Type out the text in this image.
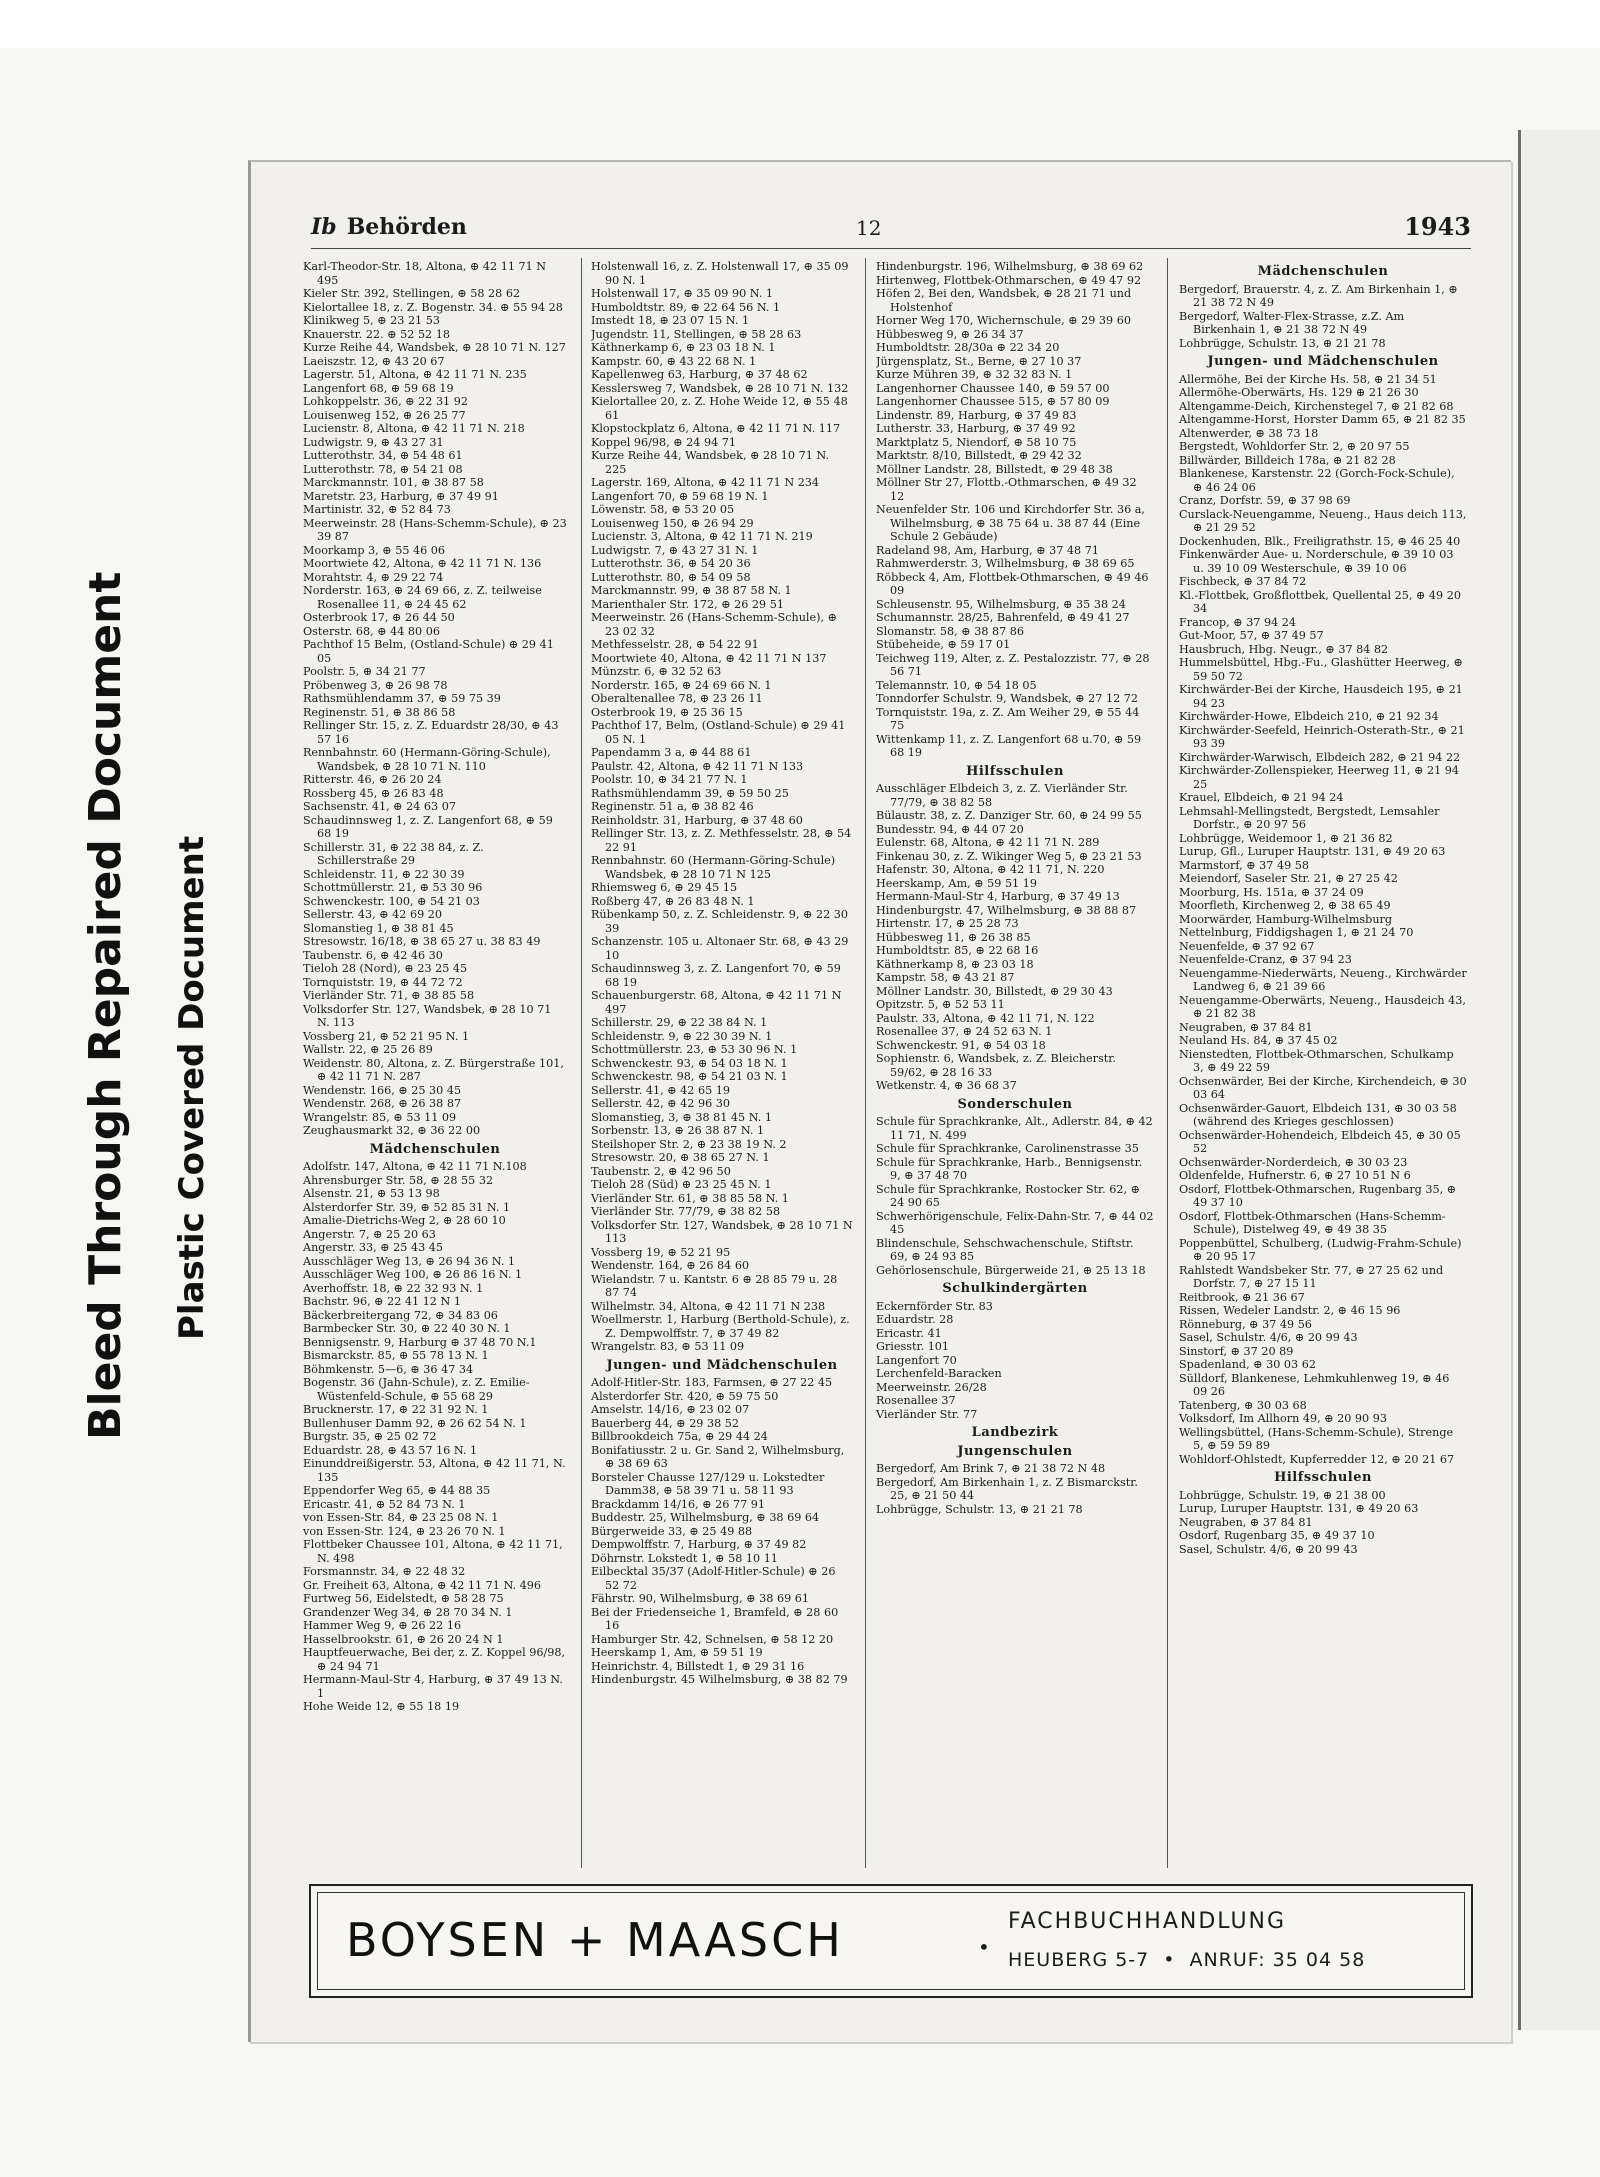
Bleed Through Repaired Document Plastic Covered Document
Ib Behörden	12	1943
Karl-Theodor-Str. 18, Altona, ⊕ 42 11 71 N 495
Kieler Str. 392, Stellingen, ⊕ 58 28 62
Kielortallee 18, z. Z. Bogenstr. 34. ⊕ 55 94 28
Klinikweg 5, ⊕ 23 21 53
Knauerstr. 22. ⊕ 52 52 18
Kurze Reihe 44, Wandsbek, ⊕ 28 10 71 N. 127
Laeiszstr. 12, ⊕ 43 20 67
Lagerstr. 51, Altona, ⊕ 42 11 71 N. 235
Langenfort 68, ⊕ 59 68 19
Lohkoppelstr. 36, ⊕ 22 31 92
Louisenweg 152, ⊕ 26 25 77
Lucienstr. 8, Altona, ⊕ 42 11 71 N. 218
Ludwigstr. 9, ⊕ 43 27 31
Lutterothstr. 34, ⊕ 54 48 61
Lutterothstr. 78, ⊕ 54 21 08
Marckmannstr. 101, ⊕ 38 87 58
Maretstr. 23, Harburg, ⊕ 37 49 91
Martinistr. 32, ⊕ 52 84 73
Meerweinstr. 28 (Hans-Schemm-Schule), ⊕ 23 39 87
Moorkamp 3, ⊕ 55 46 06
Moortwiete 42, Altona, ⊕ 42 11 71 N. 136
Morahtstr. 4, ⊕ 29 22 74
Norderstr. 163, ⊕ 24 69 66, z. Z. teilweise Rosenallee 11, ⊕ 24 45 62
Osterbrook 17, ⊕ 26 44 50
Osterstr. 68, ⊕ 44 80 06
Pachthof 15 Belm, (Ostland-Schule) ⊕ 29 41 05
Poolstr. 5, ⊕ 34 21 77
Pröbenweg 3, ⊕ 26 98 78
Rathsmühlendamm 37, ⊕ 59 75 39
Reginenstr. 51, ⊕ 38 86 58
Rellinger Str. 15, z. Z. Eduardstr 28/30, ⊕ 43 57 16
Rennbahnstr. 60 (Hermann-Göring-Schule), Wandsbek, ⊕ 28 10 71 N. 110
Ritterstr. 46, ⊕ 26 20 24
Rossberg 45, ⊕ 26 83 48
Sachsenstr. 41, ⊕ 24 63 07
Schaudinnsweg 1, z. Z. Langenfort 68, ⊕ 59 68 19
Schillerstr. 31, ⊕ 22 38 84, z. Z. Schillerstraße 29
Schleidenstr. 11, ⊕ 22 30 39
Schottmüllerstr. 21, ⊕ 53 30 96
Schwenckestr. 100, ⊕ 54 21 03
Sellerstr. 43, ⊕ 42 69 20
Slomanstieg 1, ⊕ 38 81 45
Stresowstr. 16/18, ⊕ 38 65 27 u. 38 83 49
Taubenstr. 6, ⊕ 42 46 30
Tieloh 28 (Nord), ⊕ 23 25 45
Tornquiststr. 19, ⊕ 44 72 72
Vierländer Str. 71, ⊕ 38 85 58
Volksdorfer Str. 127, Wandsbek, ⊕ 28 10 71 N. 113
Vossberg 21, ⊕ 52 21 95 N. 1
Wallstr. 22, ⊕ 25 26 89
Weidenstr. 80, Altona, z. Z. Bürgerstraße 101, ⊕ 42 11 71 N. 287
Wendenstr. 166, ⊕ 25 30 45
Wendenstr. 268, ⊕ 26 38 87
Wrangelstr. 85, ⊕ 53 11 09
Zeughausmarkt 32, ⊕ 36 22 00
Mädchenschulen
Adolfstr. 147, Altona, ⊕ 42 11 71 N.108
Ahrensburger Str. 58, ⊕ 28 55 32
Alsenstr. 21, ⊕ 53 13 98
Alsterdorfer Str. 39, ⊕ 52 85 31 N. 1
Amalie-Dietrichs-Weg 2, ⊕ 28 60 10
Angerstr. 7, ⊕ 25 20 63
Angerstr. 33, ⊕ 25 43 45
Ausschläger Weg 13, ⊕ 26 94 36 N. 1
Ausschläger Weg 100, ⊕ 26 86 16 N. 1
Averhoffstr. 18, ⊕ 22 32 93 N. 1
Bachstr. 96, ⊕ 22 41 12 N 1
Bäckerbreitergang 72, ⊕ 34 83 06
Barmbecker Str. 30, ⊕ 22 40 30 N. 1
Bennigsenstr. 9, Harburg ⊕ 37 48 70 N.1
Bismarckstr. 85, ⊕ 55 78 13 N. 1
Böhmkenstr. 5—6, ⊕ 36 47 34
Bogenstr. 36 (Jahn-Schule), z. Z. Emilie-Wüstenfeld-Schule, ⊕ 55 68 29
Brucknerstr. 17, ⊕ 22 31 92 N. 1
Bullenhuser Damm 92, ⊕ 26 62 54 N. 1
Burgstr. 35, ⊕ 25 02 72
Eduardstr. 28, ⊕ 43 57 16 N. 1
Einunddreißigerstr. 53, Altona, ⊕ 42 11 71, N. 135
Eppendorfer Weg 65, ⊕ 44 88 35
Ericastr. 41, ⊕ 52 84 73 N. 1
von Essen-Str. 84, ⊕ 23 25 08 N. 1
von Essen-Str. 124, ⊕ 23 26 70 N. 1
Flottbeker Chaussee 101, Altona, ⊕ 42 11 71, N. 498
Forsmannstr. 34, ⊕ 22 48 32
Gr. Freiheit 63, Altona, ⊕ 42 11 71 N. 496
Furtweg 56, Eidelstedt, ⊕ 58 28 75
Grandenzer Weg 34, ⊕ 28 70 34 N. 1
Hammer Weg 9, ⊕ 26 22 16
Hasselbrookstr. 61, ⊕ 26 20 24 N 1
Hauptfeuerwache, Bei der, z. Z. Koppel 96/98, ⊕ 24 94 71
Hermann-Maul-Str 4, Harburg, ⊕ 37 49 13 N. 1
Hohe Weide 12, ⊕ 55 18 19
Holstenwall 16, z. Z. Holstenwall 17, ⊕ 35 09 90 N. 1
Holstenwall 17, ⊕ 35 09 90 N. 1
Humboldtstr. 89, ⊕ 22 64 56 N. 1
Imstedt 18, ⊕ 23 07 15 N. 1
Jugendstr. 11, Stellingen, ⊕ 58 28 63
Käthnerkamp 6, ⊕ 23 03 18 N. 1
Kampstr. 60, ⊕ 43 22 68 N. 1
Kapellenweg 63, Harburg, ⊕ 37 48 62
Kesslersweg 7, Wandsbek, ⊕ 28 10 71 N. 132
Kielortallee 20, z. Z. Hohe Weide 12, ⊕ 55 48 61
Klopstockplatz 6, Altona, ⊕ 42 11 71 N. 117
Koppel 96/98, ⊕ 24 94 71
Kurze Reihe 44, Wandsbek, ⊕ 28 10 71 N. 225
Lagerstr. 169, Altona, ⊕ 42 11 71 N 234
Langenfort 70, ⊕ 59 68 19 N. 1
Löwenstr. 58, ⊕ 53 20 05
Louisenweg 150, ⊕ 26 94 29
Lucienstr. 3, Altona, ⊕ 42 11 71 N. 219
Ludwigstr. 7, ⊕ 43 27 31 N. 1
Lutterothstr. 36, ⊕ 54 20 36
Lutterothstr. 80, ⊕ 54 09 58
Marckmannstr. 99, ⊕ 38 87 58 N. 1
Marienthaler Str. 172, ⊕ 26 29 51
Meerweinstr. 26 (Hans-Schemm-Schule), ⊕ 23 02 32
Methfesselstr. 28, ⊕ 54 22 91
Moortwiete 40, Altona, ⊕ 42 11 71 N 137
Münzstr. 6, ⊕ 32 52 63
Norderstr. 165, ⊕ 24 69 66 N. 1
Oberaltenallee 78, ⊕ 23 26 11
Osterbrook 19, ⊕ 25 36 15
Pachthof 17, Belm, (Ostland-Schule) ⊕ 29 41 05 N. 1
Papendamm 3 a, ⊕ 44 88 61
Paulstr. 42, Altona, ⊕ 42 11 71 N 133
Poolstr. 10, ⊕ 34 21 77 N. 1
Rathsmühlendamm 39, ⊕ 59 50 25
Reginenstr. 51 a, ⊕ 38 82 46
Reinholdstr. 31, Harburg, ⊕ 37 48 60
Rellinger Str. 13, z. Z. Methfesselstr. 28, ⊕ 54 22 91
Rennbahnstr. 60 (Hermann-Göring-Schule) Wandsbek, ⊕ 28 10 71 N 125
Rhiemsweg 6, ⊕ 29 45 15
Roßberg 47, ⊕ 26 83 48 N. 1
Rübenkamp 50, z. Z. Schleidenstr. 9, ⊕ 22 30 39
Schanzenstr. 105 u. Altonaer Str. 68, ⊕ 43 29 10
Schaudinnsweg 3, z. Z. Langenfort 70, ⊕ 59 68 19
Schauenburgerstr. 68, Altona, ⊕ 42 11 71 N 497
Schillerstr. 29, ⊕ 22 38 84 N. 1
Schleidenstr. 9, ⊕ 22 30 39 N. 1
Schottmüllerstr. 23, ⊕ 53 30 96 N. 1
Schwenckestr. 93, ⊕ 54 03 18 N. 1
Schwenckestr. 98, ⊕ 54 21 03 N. 1
Sellerstr. 41, ⊕ 42 65 19
Sellerstr. 42, ⊕ 42 96 30
Slomanstieg, 3, ⊕ 38 81 45 N. 1
Sorbenstr. 13, ⊕ 26 38 87 N. 1
Steilshoper Str. 2, ⊕ 23 38 19 N. 2
Stresowstr. 20, ⊕ 38 65 27 N. 1
Taubenstr. 2, ⊕ 42 96 50
Tieloh 28 (Süd) ⊕ 23 25 45 N. 1
Vierländer Str. 61, ⊕ 38 85 58 N. 1
Vierländer Str. 77/79, ⊕ 38 82 58
Volksdorfer Str. 127, Wandsbek, ⊕ 28 10 71 N 113
Vossberg 19, ⊕ 52 21 95
Wendenstr. 164, ⊕ 26 84 60
Wielandstr. 7 u. Kantstr. 6 ⊕ 28 85 79 u. 28 87 74
Wilhelmstr. 34, Altona, ⊕ 42 11 71 N 238
Woellmerstr. 1, Harburg (Berthold-Schule), z. Z. Dempwolffstr. 7, ⊕ 37 49 82
Wrangelstr. 83, ⊕ 53 11 09
Jungen- und Mädchenschulen
Adolf-Hitler-Str. 183, Farmsen, ⊕ 27 22 45
Alsterdorfer Str. 420, ⊕ 59 75 50
Amselstr. 14/16, ⊕ 23 02 07
Bauerberg 44, ⊕ 29 38 52
Billbrookdeich 75a, ⊕ 29 44 24
Bonifatiusstr. 2 u. Gr. Sand 2, Wilhelmsburg, ⊕ 38 69 63
Borsteler Chausse 127/129 u. Lokstedter Damm38, ⊕ 58 39 71 u. 58 11 93
Brackdamm 14/16, ⊕ 26 77 91
Buddestr. 25, Wilhelmsburg, ⊕ 38 69 64
Bürgerweide 33, ⊕ 25 49 88
Dempwolffstr. 7, Harburg, ⊕ 37 49 82
Döhrnstr. Lokstedt 1, ⊕ 58 10 11
Eilbecktal 35/37 (Adolf-Hitler-Schule) ⊕ 26 52 72
Fährstr. 90, Wilhelmsburg, ⊕ 38 69 61
Bei der Friedenseiche 1, Bramfeld, ⊕ 28 60 16
Hamburger Str. 42, Schnelsen, ⊕ 58 12 20
Heerskamp 1, Am, ⊕ 59 51 19
Heinrichstr. 4, Billstedt 1, ⊕ 29 31 16
Hindenburgstr. 45 Wilhelmsburg, ⊕ 38 82 79
Hindenburgstr. 196, Wilhelmsburg, ⊕ 38 69 62
Hirtenweg, Flottbek-Othmarschen, ⊕ 49 47 92
Höfen 2, Bei den, Wandsbek, ⊕ 28 21 71 und Holstenhof
Horner Weg 170, Wichernschule, ⊕ 29 39 60
Hübbesweg 9, ⊕ 26 34 37
Humboldtstr. 28/30a ⊕ 22 34 20
Jürgensplatz, St., Berne, ⊕ 27 10 37
Kurze Mühren 39, ⊕ 32 32 83 N. 1
Langenhorner Chaussee 140, ⊕ 59 57 00
Langenhorner Chaussee 515, ⊕ 57 80 09
Lindenstr. 89, Harburg, ⊕ 37 49 83
Lutherstr. 33, Harburg, ⊕ 37 49 92
Marktplatz 5, Niendorf, ⊕ 58 10 75
Marktstr. 8/10, Billstedt, ⊕ 29 42 32
Möllner Landstr. 28, Billstedt, ⊕ 29 48 38
Möllner Str 27, Flottb.-Othmarschen, ⊕ 49 32 12
Neuenfelder Str. 106 und Kirchdorfer Str. 36 a, Wilhelmsburg, ⊕ 38 75 64 u. 38 87 44 (Eine Schule 2 Gebäude)
Radeland 98, Am, Harburg, ⊕ 37 48 71
Rahmwerderstr. 3, Wilhelmsburg, ⊕ 38 69 65
Röbbeck 4, Am, Flottbek-Othmarschen, ⊕ 49 46 09
Schleusenstr. 95, Wilhelmsburg, ⊕ 35 38 24
Schumannstr. 28/25, Bahrenfeld, ⊕ 49 41 27
Slomanstr. 58, ⊕ 38 87 86
Stübeheide, ⊕ 59 17 01
Teichweg 119, Alter, z. Z. Pestalozzistr. 77, ⊕ 28 56 71
Telemannstr. 10, ⊕ 54 18 05
Tonndorfer Schulstr. 9, Wandsbek, ⊕ 27 12 72
Tornquiststr. 19a, z. Z. Am Weiher 29, ⊕ 55 44 75
Wittenkamp 11, z. Z. Langenfort 68 u.70, ⊕ 59 68 19
Hilfsschulen
Ausschläger Elbdeich 3, z. Z. Vierländer Str. 77/79, ⊕ 38 82 58
Bülaustr. 38, z. Z. Danziger Str. 60, ⊕ 24 99 55
Bundesstr. 94, ⊕ 44 07 20
Eulenstr. 68, Altona, ⊕ 42 11 71 N. 289
Finkenau 30, z. Z. Wikinger Weg 5, ⊕ 23 21 53
Hafenstr. 30, Altona, ⊕ 42 11 71, N. 220
Heerskamp, Am, ⊕ 59 51 19
Hermann-Maul-Str 4, Harburg, ⊕ 37 49 13
Hindenburgstr. 47, Wilhelmsburg, ⊕ 38 88 87
Hirtenstr. 17, ⊕ 25 28 73
Hübbesweg 11, ⊕ 26 38 85
Humboldtstr. 85, ⊕ 22 68 16
Käthnerkamp 8, ⊕ 23 03 18
Kampstr. 58, ⊕ 43 21 87
Möllner Landstr. 30, Billstedt, ⊕ 29 30 43
Opitzstr. 5, ⊕ 52 53 11
Paulstr. 33, Altona, ⊕ 42 11 71, N. 122
Rosenallee 37, ⊕ 24 52 63 N. 1
Schwenckestr. 91, ⊕ 54 03 18
Sophienstr. 6, Wandsbek, z. Z. Bleicherstr. 59/62, ⊕ 28 16 33
Wetkenstr. 4, ⊕ 36 68 37
Sonderschulen
Schule für Sprachkranke, Alt., Adlerstr. 84, ⊕ 42 11 71, N. 499
Schule für Sprachkranke, Carolinenstrasse 35
Schule für Sprachkranke, Harb., Bennigsenstr. 9, ⊕ 37 48 70
Schule für Sprachkranke, Rostocker Str. 62, ⊕ 24 90 65
Schwerhörigenschule, Felix-Dahn-Str. 7, ⊕ 44 02 45
Blindenschule, Sehschwachenschule, Stiftstr. 69, ⊕ 24 93 85
Gehörlosenschule, Bürgerweide 21, ⊕ 25 13 18
Schulkindergärten
Eckernförder Str. 83
Eduardstr. 28
Ericastr. 41
Griesstr. 101
Langenfort 70
Lerchenfeld-Baracken
Meerweinstr. 26/28
Rosenallee 37
Vierländer Str. 77
Landbezirk
Jungenschulen
Bergedorf, Am Brink 7, ⊕ 21 38 72 N 48
Bergedorf, Am Birkenhain 1, z. Z Bismarckstr. 25, ⊕ 21 50 44
Lohbrügge, Schulstr. 13, ⊕ 21 21 78
Mädchenschulen
Bergedorf, Brauerstr. 4, z. Z. Am Birkenhain 1, ⊕ 21 38 72 N 49
Bergedorf, Walter-Flex-Strasse, z.Z. Am Birkenhain 1, ⊕ 21 38 72 N 49
Lohbrügge, Schulstr. 13, ⊕ 21 21 78
Jungen- und Mädchenschulen
Allermöhe, Bei der Kirche Hs. 58, ⊕ 21 34 51
Allermöhe-Oberwärts, Hs. 129 ⊕ 21 26 30
Altengamme-Deich, Kirchenstegel 7, ⊕ 21 82 68
Altengamme-Horst, Horster Damm 65, ⊕ 21 82 35
Altenwerder, ⊕ 38 73 18
Bergstedt, Wohldorfer Str. 2, ⊕ 20 97 55
Billwärder, Billdeich 178a, ⊕ 21 82 28
Blankenese, Karstenstr. 22 (Gorch-Fock-Schule), ⊕ 46 24 06
Cranz, Dorfstr. 59, ⊕ 37 98 69
Curslack-Neuengamme, Neueng., Haus deich 113, ⊕ 21 29 52
Dockenhuden, Blk., Freiligrathstr. 15, ⊕ 46 25 40
Finkenwärder Aue- u. Norderschule, ⊕ 39 10 03 u. 39 10 09 Westerschule, ⊕ 39 10 06
Fischbeck, ⊕ 37 84 72
Kl.-Flottbek, Großflottbek, Quellental 25, ⊕ 49 20 34
Francop, ⊕ 37 94 24
Gut-Moor, 57, ⊕ 37 49 57
Hausbruch, Hbg. Neugr., ⊕ 37 84 82
Hummelsbüttel, Hbg.-Fu., Glashütter Heerweg, ⊕ 59 50 72
Kirchwärder-Bei der Kirche, Hausdeich 195, ⊕ 21 94 23
Kirchwärder-Howe, Elbdeich 210, ⊕ 21 92 34
Kirchwärder-Seefeld, Heinrich-Osterath-Str., ⊕ 21 93 39
Kirchwärder-Warwisch, Elbdeich 282, ⊕ 21 94 22
Kirchwärder-Zollenspieker, Heerweg 11, ⊕ 21 94 25
Krauel, Elbdeich, ⊕ 21 94 24
Lehmsahl-Mellingstedt, Bergstedt, Lemsahler Dorfstr., ⊕ 20 97 56
Lohbrügge, Weidemoor 1, ⊕ 21 36 82
Lurup, Gfl., Luruper Hauptstr. 131, ⊕ 49 20 63
Marmstorf, ⊕ 37 49 58
Meiendorf, Saseler Str. 21, ⊕ 27 25 42
Moorburg, Hs. 151a, ⊕ 37 24 09
Moorfleth, Kirchenweg 2, ⊕ 38 65 49
Moorwärder, Hamburg-Wilhelmsburg
Nettelnburg, Fiddigshagen 1, ⊕ 21 24 70
Neuenfelde, ⊕ 37 92 67
Neuenfelde-Cranz, ⊕ 37 94 23
Neuengamme-Niederwärts, Neueng., Kirchwärder Landweg 6, ⊕ 21 39 66
Neuengamme-Oberwärts, Neueng., Hausdeich 43, ⊕ 21 82 38
Neugraben, ⊕ 37 84 81
Neuland Hs. 84, ⊕ 37 45 02
Nienstedten, Flottbek-Othmarschen, Schulkamp 3, ⊕ 49 22 59
Ochsenwärder, Bei der Kirche, Kirchendeich, ⊕ 30 03 64
Ochsenwärder-Gauort, Elbdeich 131, ⊕ 30 03 58 (während des Krieges geschlossen)
Ochsenwärder-Hohendeich, Elbdeich 45, ⊕ 30 05 52
Ochsenwärder-Norderdeich, ⊕ 30 03 23
Oldenfelde, Hufnerstr. 6, ⊕ 27 10 51 N 6
Osdorf, Flottbek-Othmarschen, Rugenbarg 35, ⊕ 49 37 10
Osdorf, Flottbek-Othmarschen (Hans-Schemm-Schule), Distelweg 49, ⊕ 49 38 35
Poppenbüttel, Schulberg, (Ludwig-Frahm-Schule) ⊕ 20 95 17
Rahlstedt Wandsbeker Str. 77, ⊕ 27 25 62 und Dorfstr. 7, ⊕ 27 15 11
Reitbrook, ⊕ 21 36 67
Rissen, Wedeler Landstr. 2, ⊕ 46 15 96
Rönneburg, ⊕ 37 49 56
Sasel, Schulstr. 4/6, ⊕ 20 99 43
Sinstorf, ⊕ 37 20 89
Spadenland, ⊕ 30 03 62
Sülldorf, Blankenese, Lehmkuhlenweg 19, ⊕ 46 09 26
Tatenberg, ⊕ 30 03 68
Volksdorf, Im Allhorn 49, ⊕ 20 90 93
Wellingsbüttel, (Hans-Schemm-Schule), Strenge 5, ⊕ 59 59 89
Wohldorf-Ohlstedt, Kupferredder 12, ⊕ 20 21 67
Hilfsschulen
Lohbrügge, Schulstr. 19, ⊕ 21 38 00
Lurup, Luruper Hauptstr. 131, ⊕ 49 20 63
Neugraben, ⊕ 37 84 81
Osdorf, Rugenbarg 35, ⊕ 49 37 10
Sasel, Schulstr. 4/6, ⊕ 20 99 43
BOYSEN + MAASCH	•
FACHBUCHHANDLUNG
HEUBERG 5-7 • ANRUF: 35 04 58
